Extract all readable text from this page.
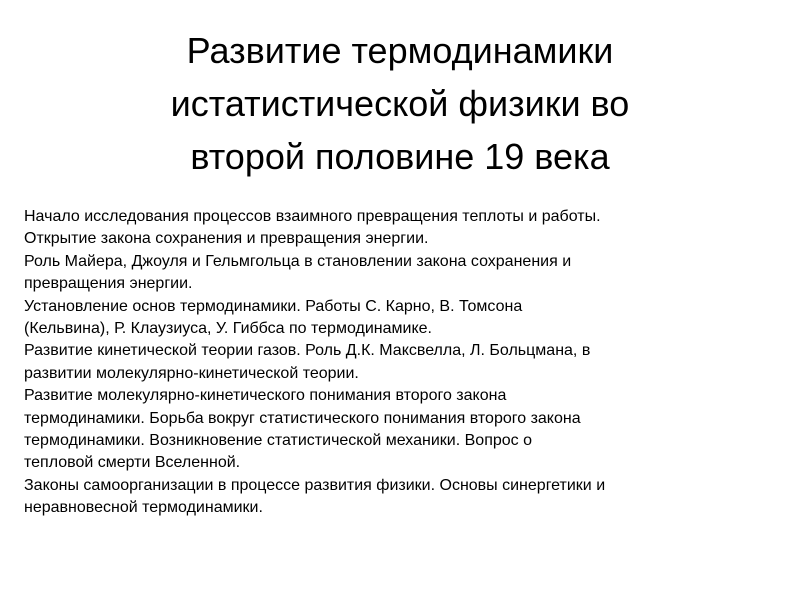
Развитие термодинамики
истатистической физики во
второй половине 19 века
Начало исследования процессов взаимного превращения теплоты и работы.
Открытие закона сохранения и превращения энергии.
Роль Майера, Джоуля и Гельмгольца в становлении закона сохранения и
превращения энергии.
Установление основ термодинамики. Работы С. Карно, В. Томсона
(Кельвина), Р. Клаузиуса, У. Гиббса по термодинамике.
Развитие кинетической теории газов. Роль Д.К. Максвелла, Л. Больцмана, в
развитии молекулярно-кинетической теории.
Развитие молекулярно-кинетического понимания второго закона
термодинамики. Борьба вокруг статистического понимания второго закона
термодинамики. Возникновение статистической механики. Вопрос о
тепловой смерти Вселенной.
Законы самоорганизации в процессе развития физики. Основы синергетики и
неравновесной термодинамики.
